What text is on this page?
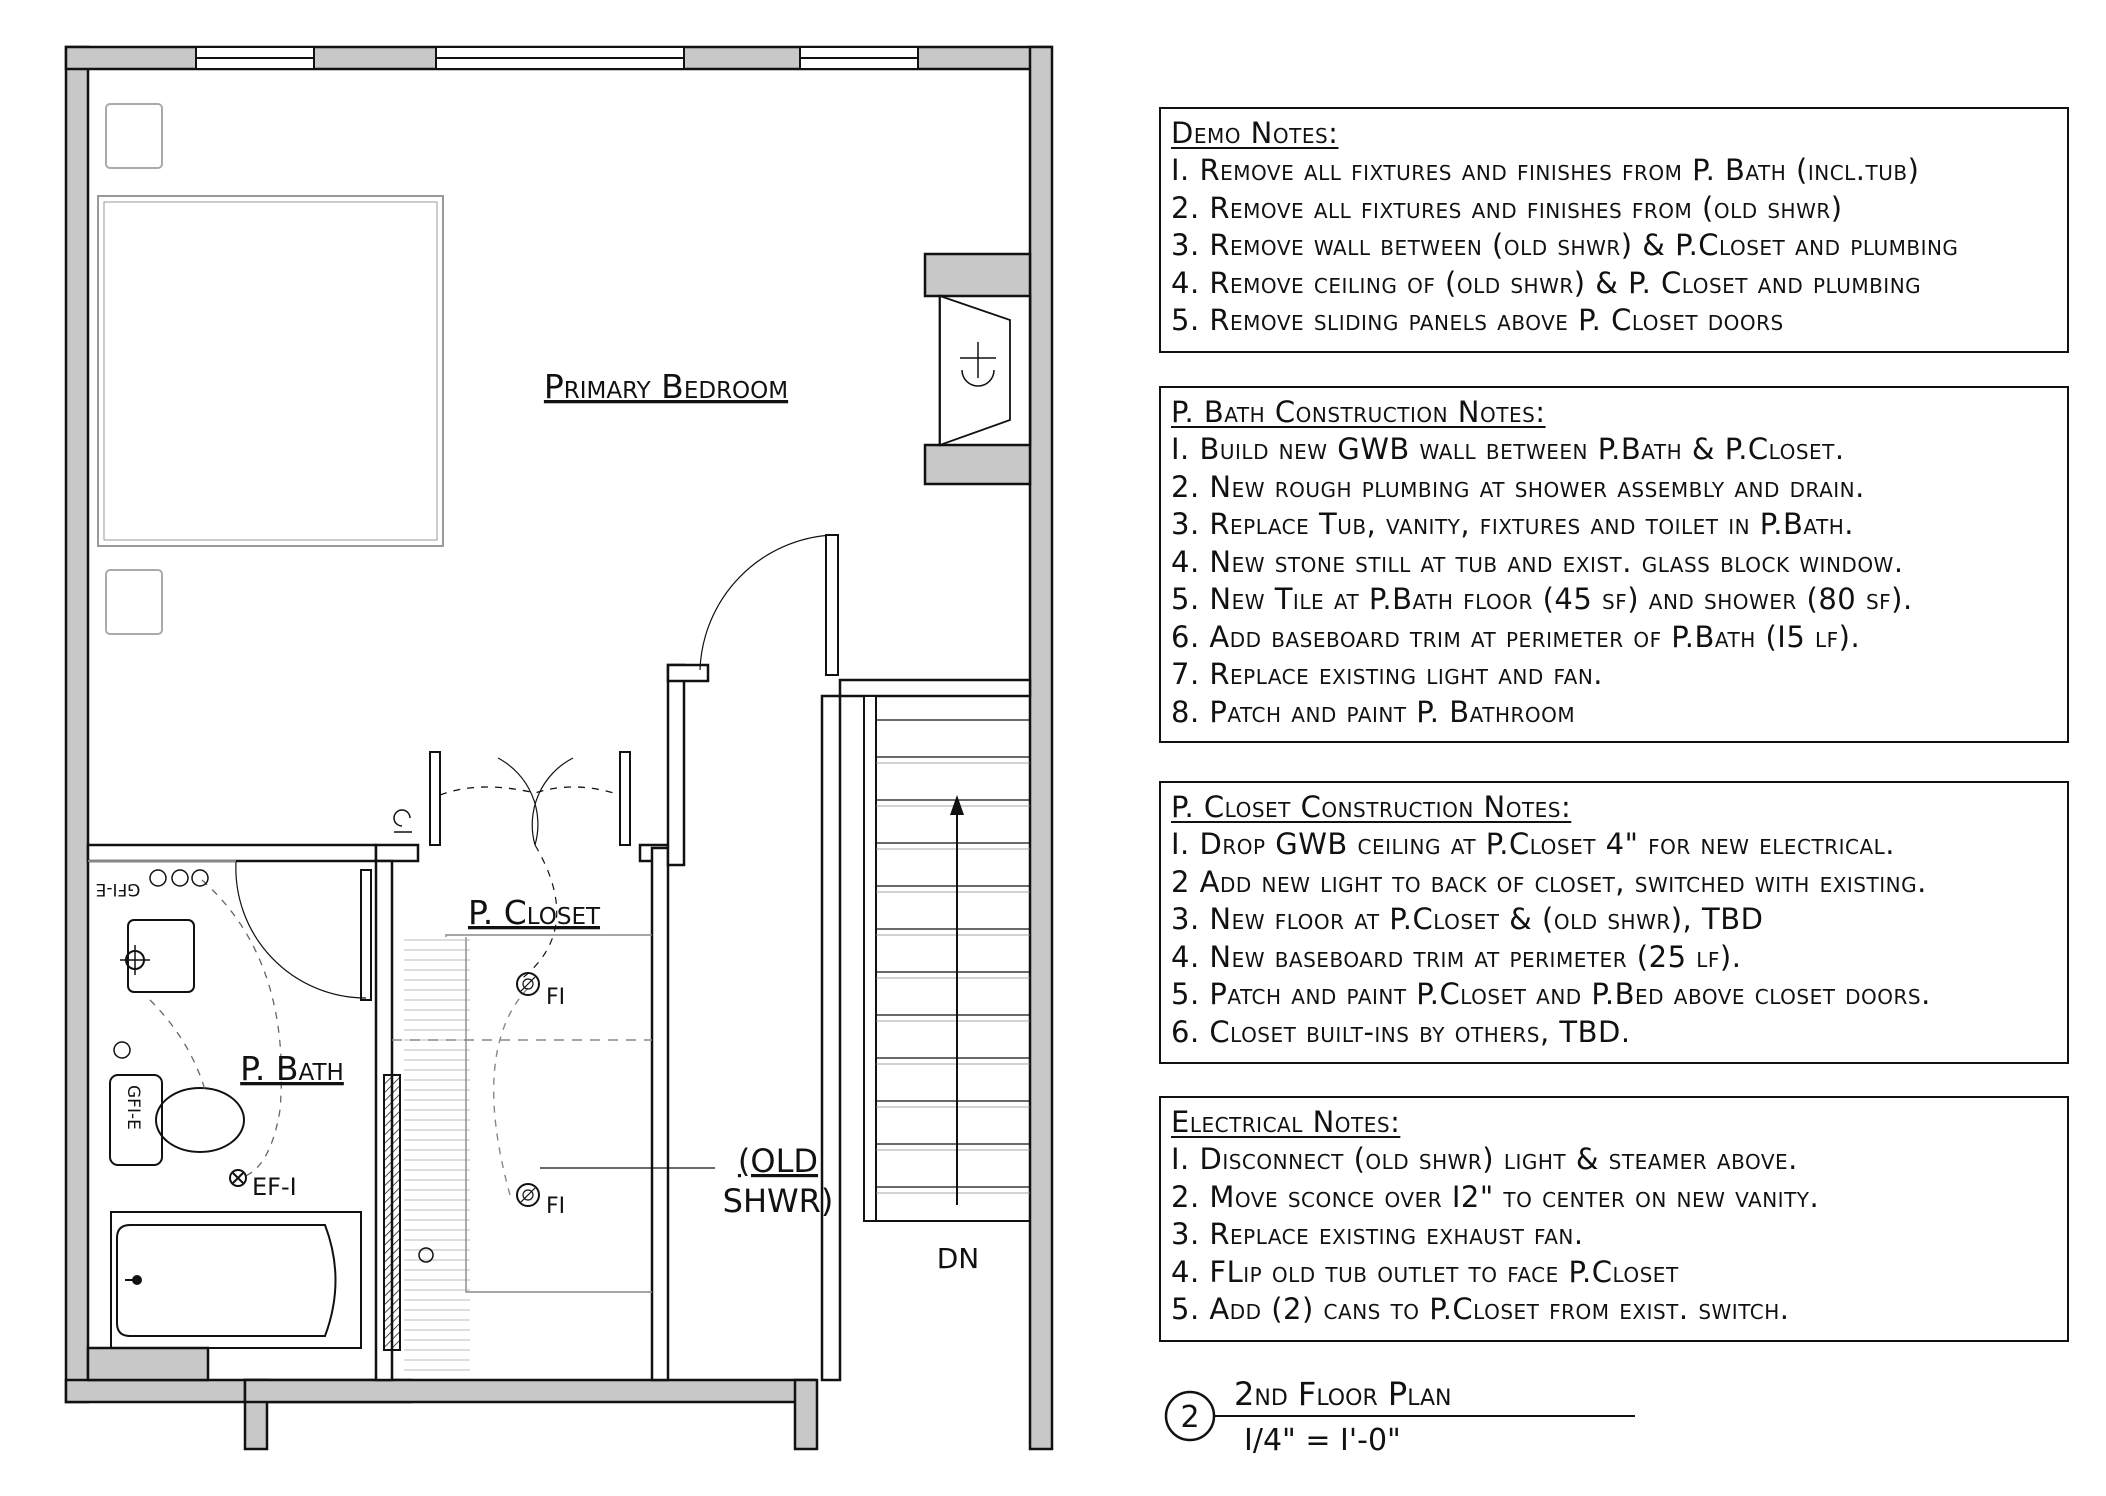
Primary Bedroom
P. Closet
P. Bath
(OLD
SHWR)
DN
FI
FI
EF-I
GFI-E
GFI-E
Demo Notes:
I. Remove all fixtures and finishes from P. Bath (incl.tub)
2. Remove all fixtures and finishes from (old shwr)
3. Remove wall between (old shwr) & P.Closet and plumbing
4. Remove ceiling of (old shwr) & P. Closet and plumbing
5. Remove sliding panels above P. Closet doors
P. Bath Construction Notes:
I. Build new GWB wall between P.Bath & P.Closet.
2. New rough plumbing at shower assembly and drain.
3. Replace Tub, vanity, fixtures and toilet in P.Bath.
4. New stone still at tub and exist. glass block window.
5. New Tile at P.Bath floor (45 sf) and shower (80 sf).
6. Add baseboard trim at perimeter of P.Bath (I5 lf).
7. Replace existing light and fan.
8. Patch and paint P. Bathroom
P. Closet Construction Notes:
I. Drop GWB ceiling at P.Closet 4" for new electrical.
2 Add new light to back of closet, switched with existing.
3. New floor at P.Closet & (old shwr), TBD
4. New baseboard trim at perimeter (25 lf).
5. Patch and paint P.Closet and P.Bed above closet doors.
6. Closet built-ins by others, TBD.
Electrical Notes:
I. Disconnect (old shwr) light & steamer above.
2. Move sconce over I2" to center on new vanity.
3. Replace existing exhaust fan.
4. FLip old tub outlet to face P.Closet
5. Add (2) cans to P.Closet from exist. switch.
2
2nd Floor Plan
I/4" = I'-0"
